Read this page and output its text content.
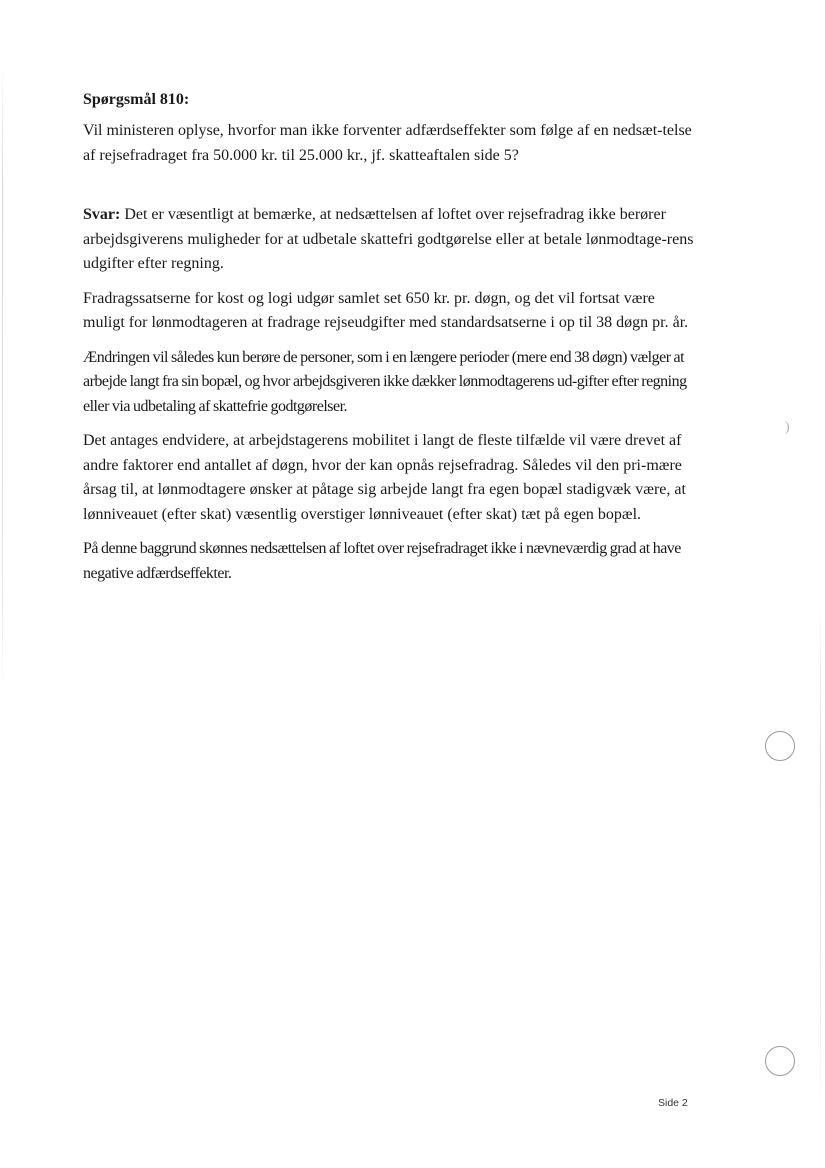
)
Spørgsmål 810:

Vil ministeren oplyse, hvorfor man ikke forventer adfærdseffekter som følge af en nedsæt-telse af rejsefradraget fra 50.000 kr. til 25.000 kr., jf. skatteaftalen side 5?

Svar: Det er væsentligt at bemærke, at nedsættelsen af loftet over rejsefradrag ikke berører arbejdsgiverens muligheder for at udbetale skattefri godtgørelse eller at betale lønmodtage-rens udgifter efter regning.

Fradragssatserne for kost og logi udgør samlet set 650 kr. pr. døgn, og det vil fortsat være muligt for lønmodtageren at fradrage rejseudgifter med standardsatserne i op til 38 døgn pr. år.

Ændringen vil således kun berøre de personer, som i en længere perioder (mere end 38 døgn) vælger at arbejde langt fra sin bopæl, og hvor arbejdsgiveren ikke dækker lønmodtagerens ud-gifter efter regning eller via udbetaling af skattefrie godtgørelser.

Det antages endvidere, at arbejdstagerens mobilitet i langt de fleste tilfælde vil være drevet af andre faktorer end antallet af døgn, hvor der kan opnås rejsefradrag. Således vil den pri-mære årsag til, at lønmodtagere ønsker at påtage sig arbejde langt fra egen bopæl stadigvæk være, at lønniveauet (efter skat) væsentlig overstiger lønniveauet (efter skat) tæt på egen bopæl.

På denne baggrund skønnes nedsættelsen af loftet over rejsefradraget ikke i nævneværdig grad at have negative adfærdseffekter.

Side 2
